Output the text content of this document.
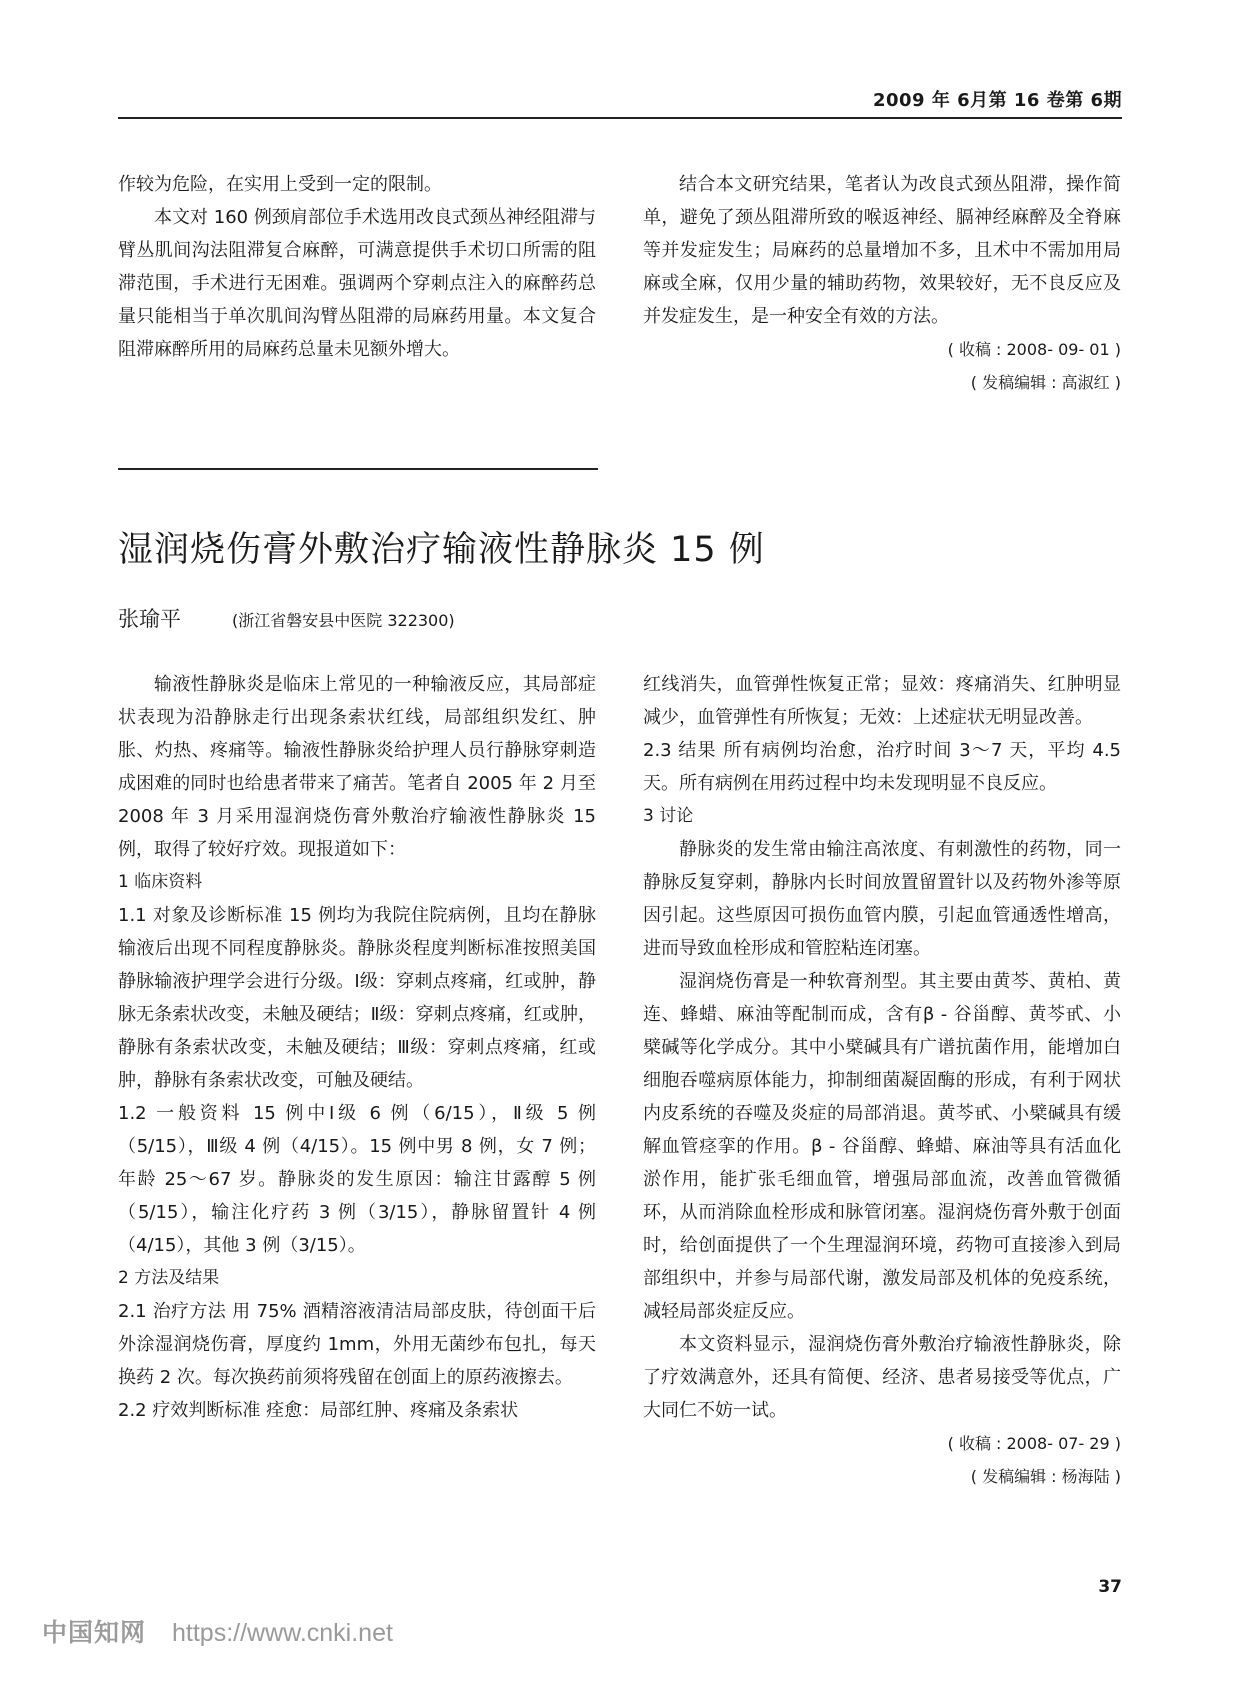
2009 年 6月第 16 卷第 6期

作较为危险，在实用上受到一定的限制。

本文对 160 例颈肩部位手术选用改良式颈丛神经阻滞与臂丛肌间沟法阻滞复合麻醉，可满意提供手术切口所需的阻滞范围，手术进行无困难。强调两个穿刺点注入的麻醉药总量只能相当于单次肌间沟臂丛阻滞的局麻药用量。本文复合阻滞麻醉所用的局麻药总量未见额外增大。

结合本文研究结果，笔者认为改良式颈丛阻滞，操作简单，避免了颈丛阻滞所致的喉返神经、膈神经麻醉及全脊麻等并发症发生；局麻药的总量增加不多，且术中不需加用局麻或全麻，仅用少量的辅助药物，效果较好，无不良反应及并发症发生，是一种安全有效的方法。

( 收稿 : 2008- 09- 01 )

( 发稿编辑 : 高淑红 )

湿润烧伤膏外敷治疗输液性静脉炎 15 例
张瑜平	(浙江省磐安县中医院 322300)

输液性静脉炎是临床上常见的一种输液反应，其局部症状表现为沿静脉走行出现条索状红线，局部组织发红、肿胀、灼热、疼痛等。输液性静脉炎给护理人员行静脉穿刺造成困难的同时也给患者带来了痛苦。笔者自 2005 年 2 月至 2008 年 3 月采用湿润烧伤膏外敷治疗输液性静脉炎 15 例，取得了较好疗效。现报道如下：

1 临床资料

1.1 对象及诊断标准 15 例均为我院住院病例，且均在静脉输液后出现不同程度静脉炎。静脉炎程度判断标准按照美国静脉输液护理学会进行分级。Ⅰ级：穿刺点疼痛，红或肿，静脉无条索状改变，未触及硬结；Ⅱ级：穿刺点疼痛，红或肿，静脉有条索状改变，未触及硬结；Ⅲ级：穿刺点疼痛，红或肿，静脉有条索状改变，可触及硬结。

1.2 一般资料 15 例中Ⅰ级 6 例（6/15），Ⅱ级 5 例（5/15），Ⅲ级 4 例（4/15）。15 例中男 8 例，女 7 例；年龄 25～67 岁。静脉炎的发生原因：输注甘露醇 5 例（5/15），输注化疗药 3 例（3/15），静脉留置针 4 例（4/15），其他 3 例（3/15）。

2 方法及结果

2.1 治疗方法 用 75% 酒精溶液清洁局部皮肤，待创面干后外涂湿润烧伤膏，厚度约 1mm，外用无菌纱布包扎，每天换药 2 次。每次换药前须将残留在创面上的原药液擦去。

2.2 疗效判断标准 痊愈：局部红肿、疼痛及条索状

红线消失，血管弹性恢复正常；显效：疼痛消失、红肿明显减少，血管弹性有所恢复；无效：上述症状无明显改善。

2.3 结果 所有病例均治愈，治疗时间 3～7 天，平均 4.5 天。所有病例在用药过程中均未发现明显不良反应。

3 讨论

静脉炎的发生常由输注高浓度、有刺激性的药物，同一静脉反复穿刺，静脉内长时间放置留置针以及药物外渗等原因引起。这些原因可损伤血管内膜，引起血管通透性增高，进而导致血栓形成和管腔粘连闭塞。

湿润烧伤膏是一种软膏剂型。其主要由黄芩、黄柏、黄连、蜂蜡、麻油等配制而成，含有β - 谷甾醇、黄芩甙、小檗碱等化学成分。其中小檗碱具有广谱抗菌作用，能增加白细胞吞噬病原体能力，抑制细菌凝固酶的形成，有利于网状内皮系统的吞噬及炎症的局部消退。黄芩甙、小檗碱具有缓解血管痉挛的作用。β - 谷甾醇、蜂蜡、麻油等具有活血化淤作用，能扩张毛细血管，增强局部血流，改善血管微循环，从而消除血栓形成和脉管闭塞。湿润烧伤膏外敷于创面时，给创面提供了一个生理湿润环境，药物可直接渗入到局部组织中，并参与局部代谢，激发局部及机体的免疫系统，减轻局部炎症反应。

本文资料显示，湿润烧伤膏外敷治疗输液性静脉炎，除了疗效满意外，还具有简便、经济、患者易接受等优点，广大同仁不妨一试。

( 收稿 : 2008- 07- 29 )

( 发稿编辑 : 杨海陆 )

37
中国知网 https://www.cnki.net
